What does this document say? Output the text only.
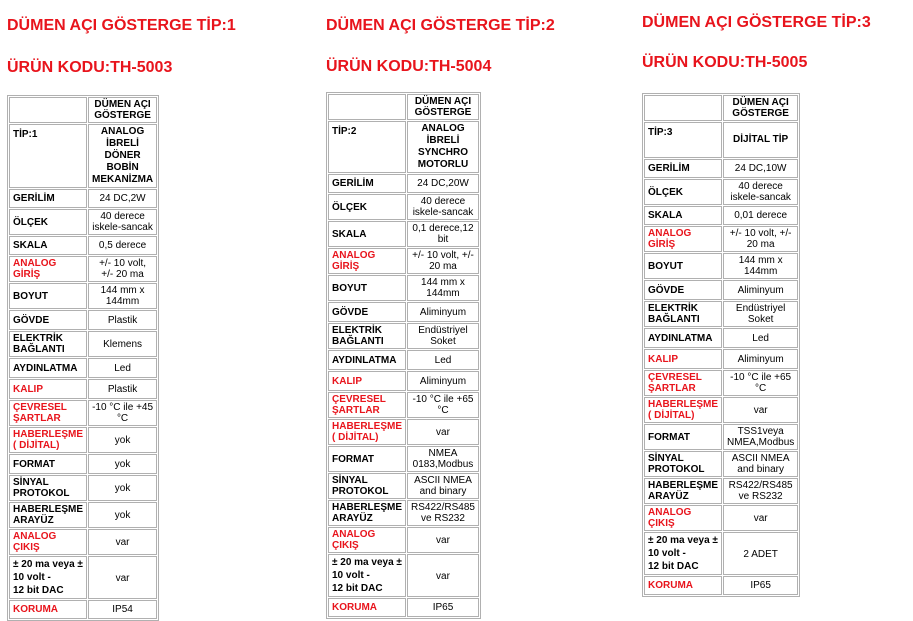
DÜMEN AÇI GÖSTERGE TİP:1
ÜRÜN KODU:TH-5003
	DÜMEN AÇI GÖSTERGE
TİP:1	ANALOG İBRELİ
DÖNER BOBİN MEKANİZMA

GERİLİM	24 DC,2W
ÖLÇEK	40 derece iskele-sancak
SKALA	0,5 derece
ANALOG GİRİŞ	+/- 10 volt, +/- 20 ma
BOYUT	144 mm x 144mm
GÖVDE	Plastik
ELEKTRİK BAĞLANTI	Klemens
AYDINLATMA	Led
KALIP	Plastik
ÇEVRESEL ŞARTLAR	-10 °C ile +45 °C
HABERLEŞME ( DİJİTAL)	yok
FORMAT	yok
SİNYAL PROTOKOL	yok
HABERLEŞME ARAYÜZ	yok
ANALOG ÇIKIŞ	var
± 20 ma veya ± 10 volt -
12 bit DAC	var
KORUMA	IP54
DÜMEN AÇI GÖSTERGE TİP:2
ÜRÜN KODU:TH-5004
	DÜMEN AÇI GÖSTERGE
TİP:2	ANALOG İBRELİ
SYNCHRO MOTORLU

GERİLİM	24 DC,20W
ÖLÇEK	40 derece iskele-sancak
SKALA	0,1 derece,12 bit
ANALOG GİRİŞ	+/- 10 volt, +/- 20 ma
BOYUT	144 mm x 144mm
GÖVDE	Aliminyum
ELEKTRİK BAĞLANTI	Endüstriyel Soket
AYDINLATMA	Led
KALIP	Aliminyum
ÇEVRESEL ŞARTLAR	-10 °C ile +65 °C
HABERLEŞME ( DİJİTAL)	var
FORMAT	NMEA 0183,Modbus
SİNYAL PROTOKOL	ASCII NMEA and binary
HABERLEŞME ARAYÜZ	RS422/RS485 ve RS232
ANALOG ÇIKIŞ	var
± 20 ma veya ± 10 volt -
12 bit DAC	var
KORUMA	IP65
DÜMEN AÇI GÖSTERGE TİP:3
ÜRÜN KODU:TH-5005
	DÜMEN AÇI GÖSTERGE
TİP:3	DİJİTAL TİP

GERİLİM	24 DC,10W
ÖLÇEK	40 derece iskele-sancak
SKALA	0,01 derece
ANALOG GİRİŞ	+/- 10 volt, +/- 20 ma
BOYUT	144 mm x 144mm
GÖVDE	Aliminyum
ELEKTRİK BAĞLANTI	Endüstriyel Soket
AYDINLATMA	Led
KALIP	Aliminyum
ÇEVRESEL ŞARTLAR	-10 °C ile +65 °C
HABERLEŞME ( DİJİTAL)	var
FORMAT	TSS1veya NMEA,Modbus
SİNYAL PROTOKOL	ASCII NMEA and binary
HABERLEŞME ARAYÜZ	RS422/RS485 ve RS232
ANALOG ÇIKIŞ	var
± 20 ma veya ± 10 volt -
12 bit DAC	2 ADET
KORUMA	IP65
